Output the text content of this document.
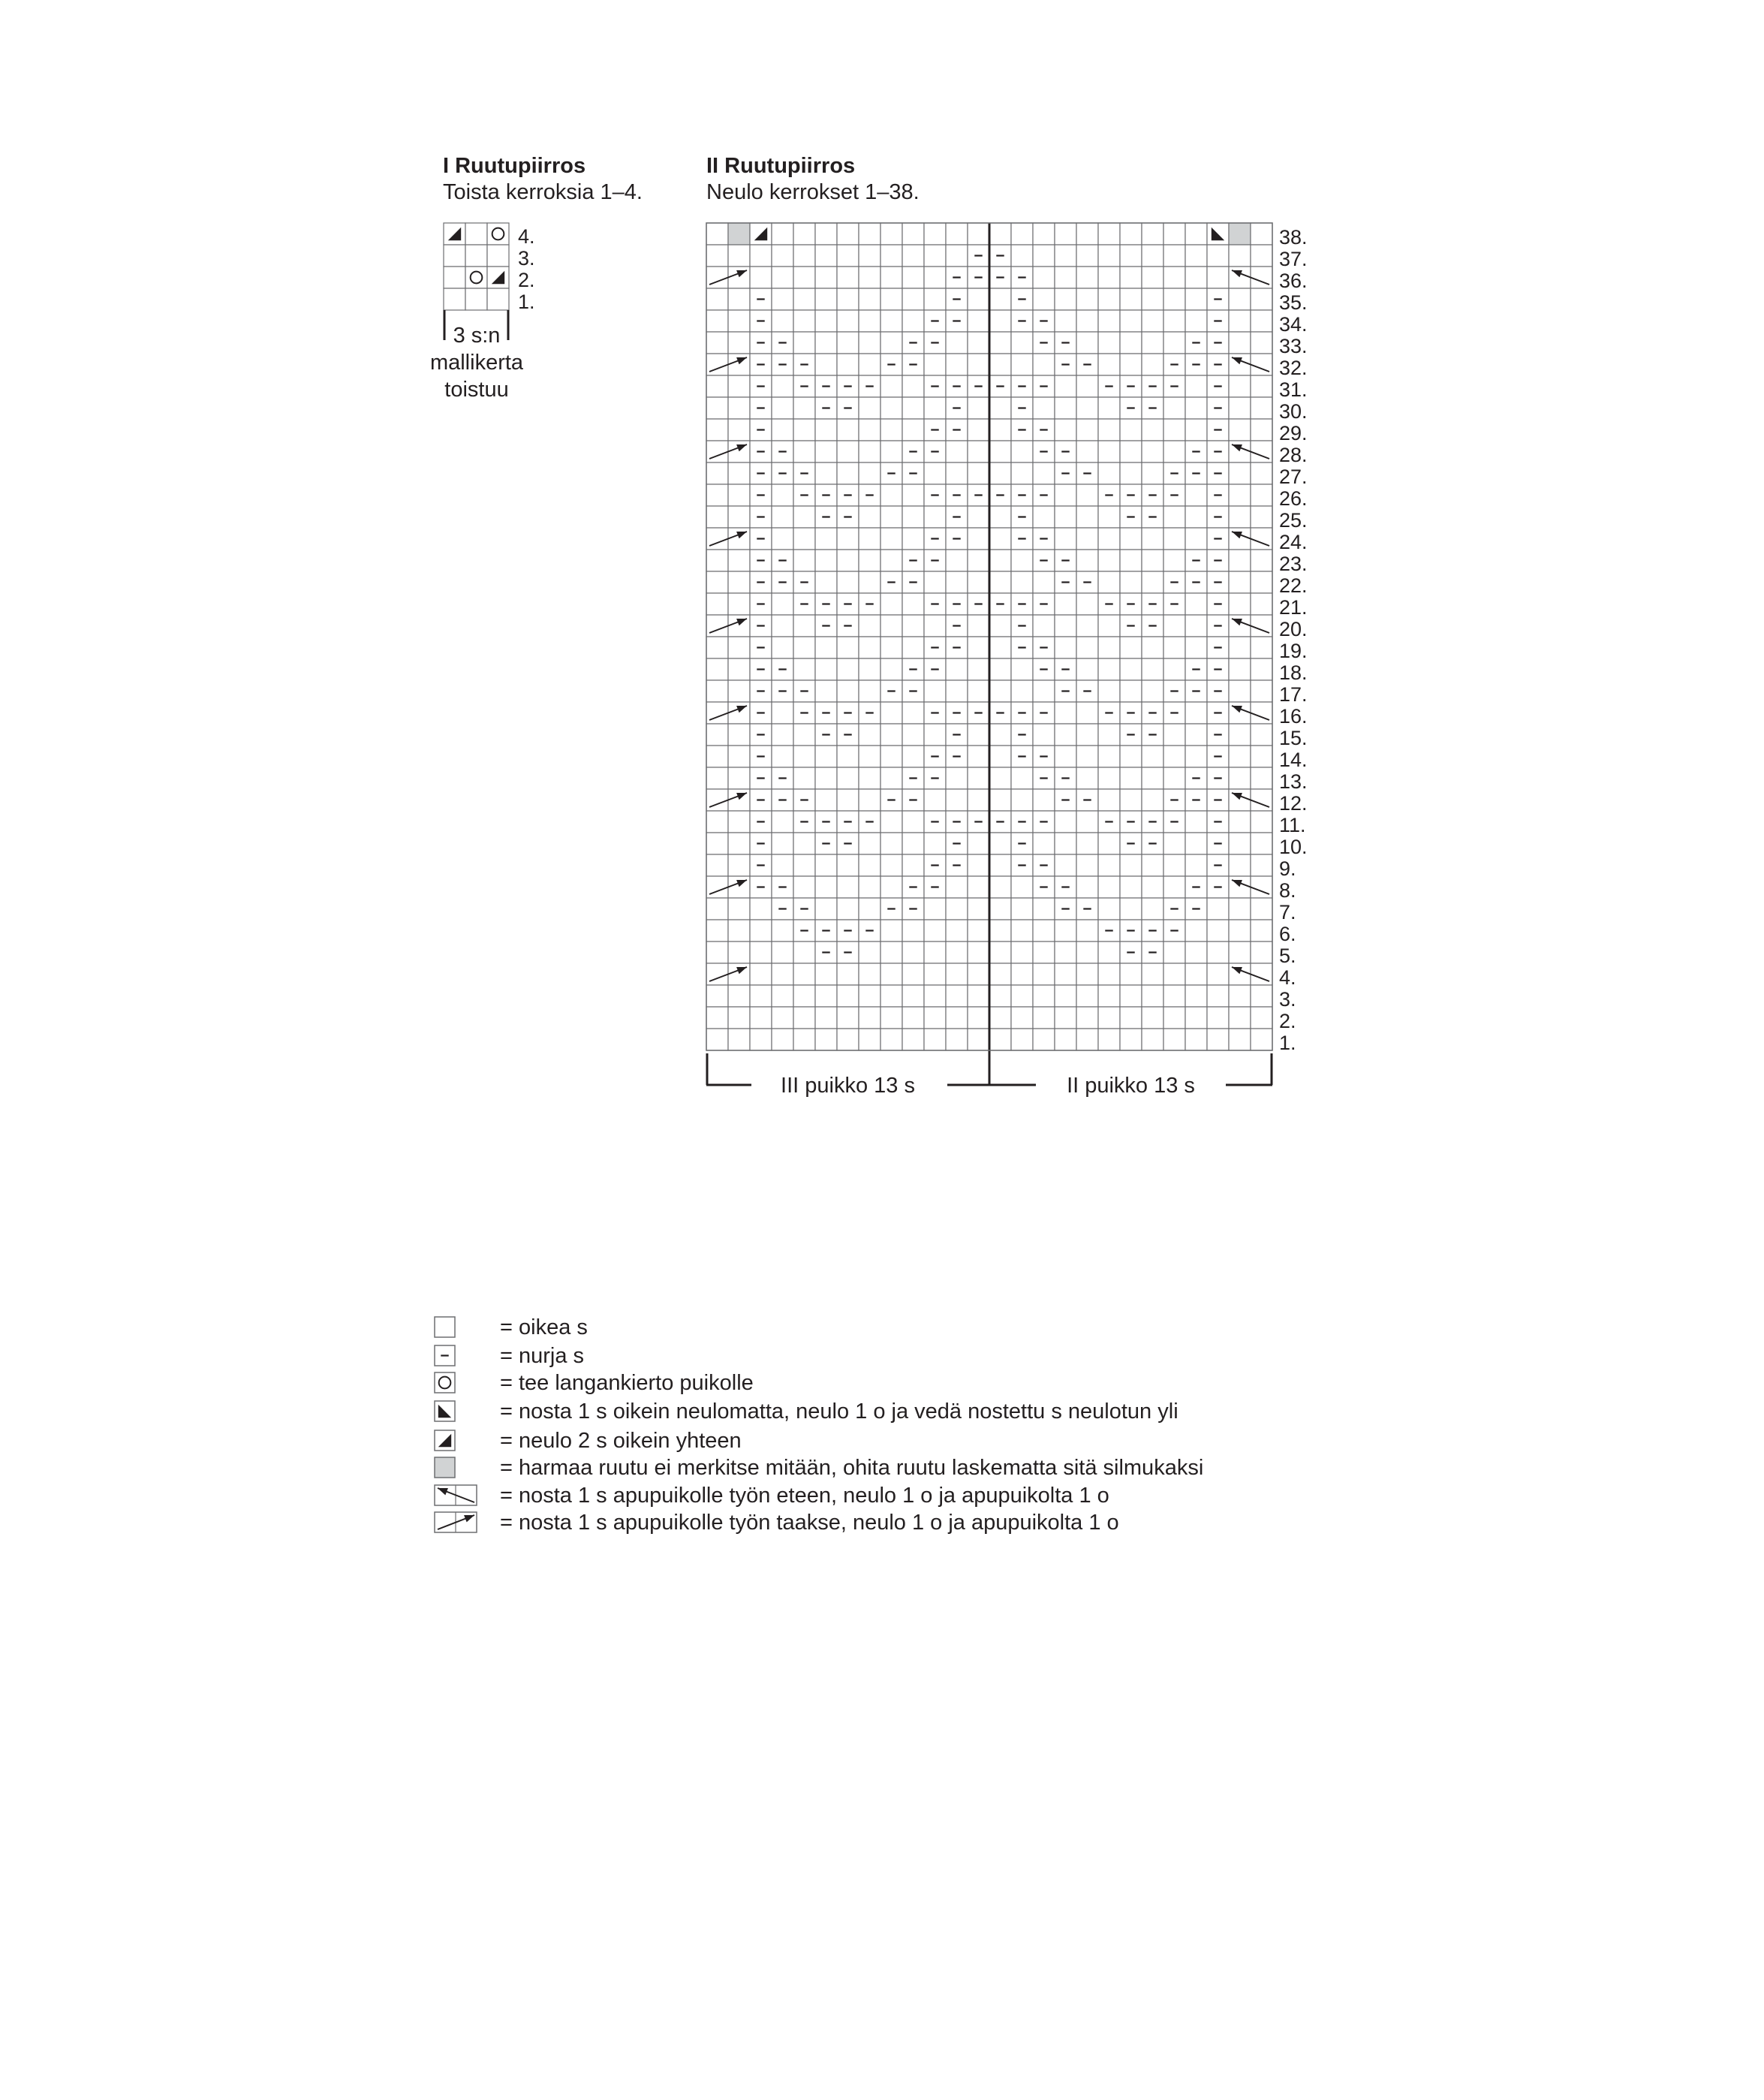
I Ruutupiirros
Toista kerroksia 1–4.
II Ruutupiirros
Neulo kerrokset 1–38.
3 s:n
mallikerta
toistuu
4.
3.
2.
1.
38.
37.
36.
35.
34.
33.
32.
31.
30.
29.
28.
27.
26.
25.
24.
23.
22.
21.
20.
19.
18.
17.
16.
15.
14.
13.
12.
11.
10.
9.
8.
7.
6.
5.
4.
3.
2.
1.
III puikko 13 s	II puikko 13 s
= oikea s
= nurja s
= tee langankierto puikolle
= nosta 1 s oikein neulomatta, neulo 1 o ja vedä nostettu s neulotun yli
= neulo 2 s oikein yhteen
= harmaa ruutu ei merkitse mitään, ohita ruutu laskematta sitä silmukaksi
= nosta 1 s apupuikolle työn eteen, neulo 1 o ja apupuikolta 1 o
= nosta 1 s apupuikolle työn taakse, neulo 1 o ja apupuikolta 1 o
